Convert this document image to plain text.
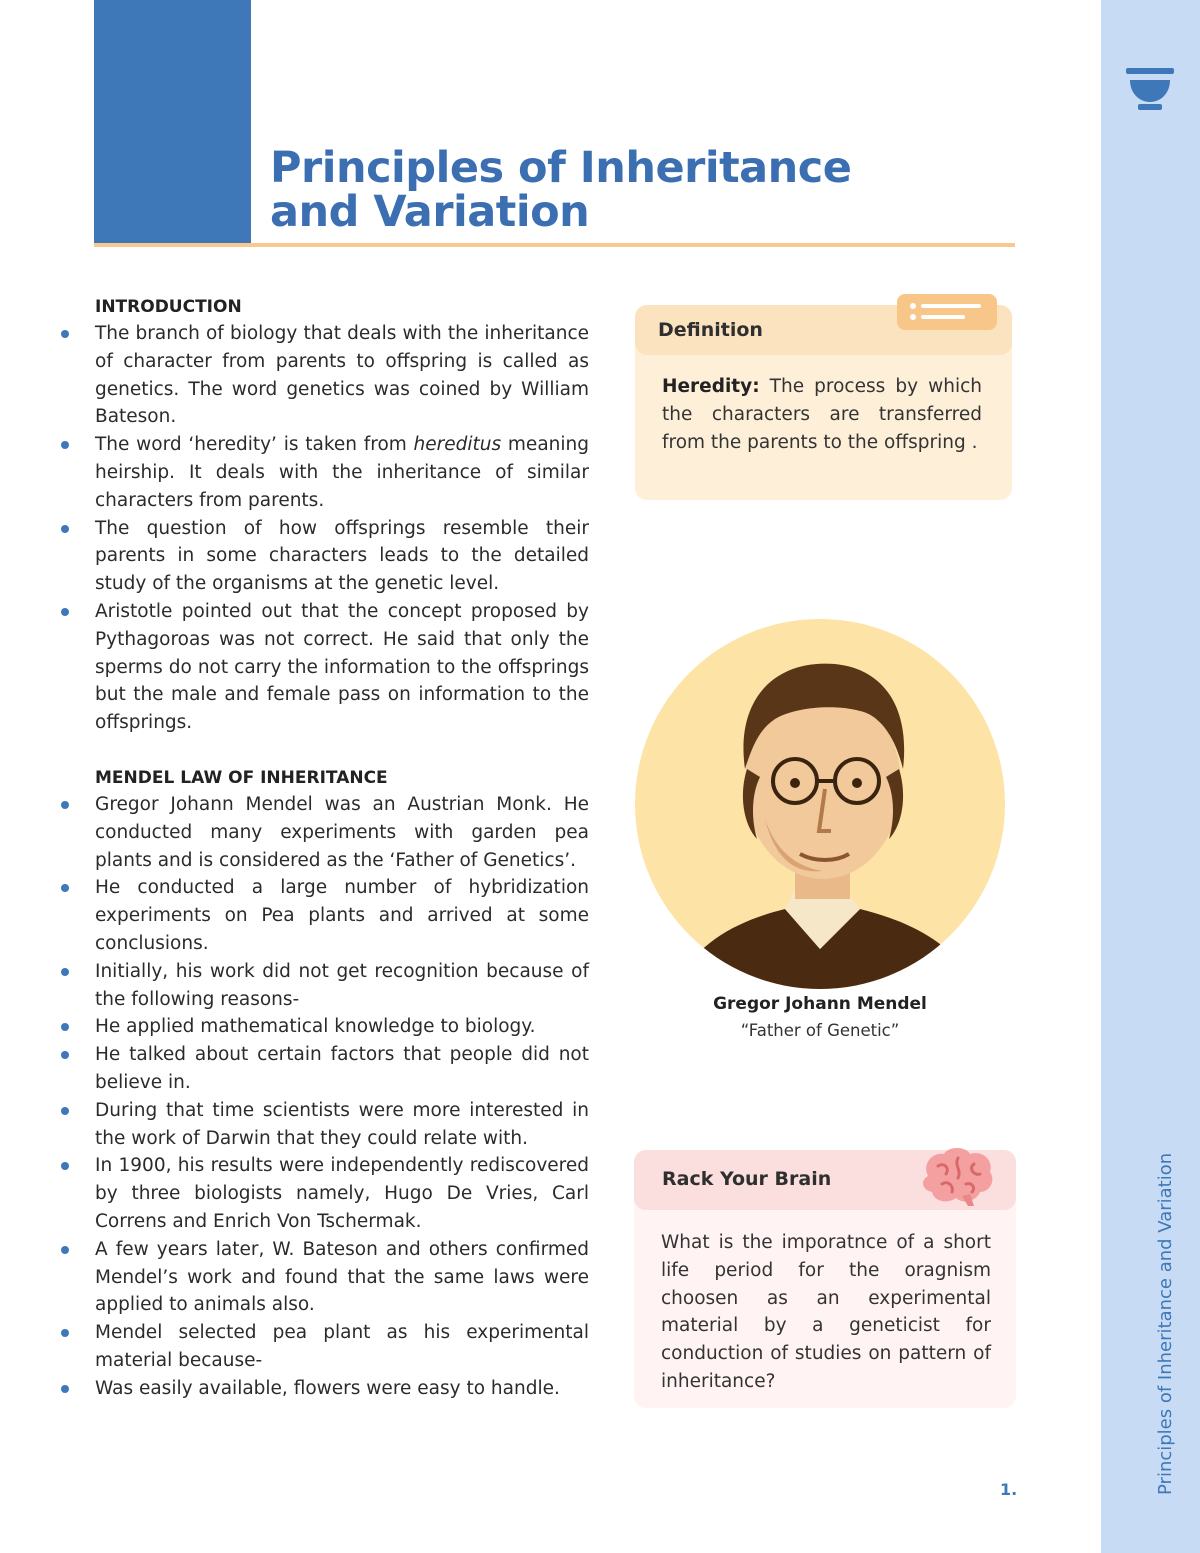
Principles of Inheritance
and Variation
Principles of Inheritance and Variation
INTRODUCTION
The branch of biology that deals with the inheritance of character from parents to offspring is called as genetics. The word genetics was coined by William Bateson.
The word ‘heredity’ is taken from hereditus meaning heirship. It deals with the inheritance of similar characters from parents.
The question of how offsprings resemble their parents in some characters leads to the detailed study of the organisms at the genetic level.
Aristotle pointed out that the concept proposed by Pythagoroas was not correct. He said that only the sperms do not carry the information to the offsprings but the male and female pass on information to the offsprings.
MENDEL LAW OF INHERITANCE
Gregor Johann Mendel was an Austrian Monk. He conducted many experiments with garden pea plants and is considered as the ‘Father of Genetics’.
He conducted a large number of hybridization experiments on Pea plants and arrived at some conclusions.
Initially, his work did not get recognition because of the following reasons-
He applied mathematical knowledge to biology.
He talked about certain factors that people did not believe in.
During that time scientists were more interested in the work of Darwin that they could relate with.
In 1900, his results were independently rediscovered by three biologists namely, Hugo De Vries, Carl Correns and Enrich Von Tschermak.
A few years later, W. Bateson and others confirmed Mendel’s work and found that the same laws were applied to animals also.
Mendel selected pea plant as his experimental material because-
Was easily available, flowers were easy to handle.
Definition
Heredity: The process by which the characters are transferred from the parents to the offspring .
Gregor Johann Mendel
“Father of Genetic”
Rack Your Brain
What is the imporatnce of a short life period for the oragnism choosen as an experimental material by a geneticist for conduction of studies on pattern of inheritance?
1.
